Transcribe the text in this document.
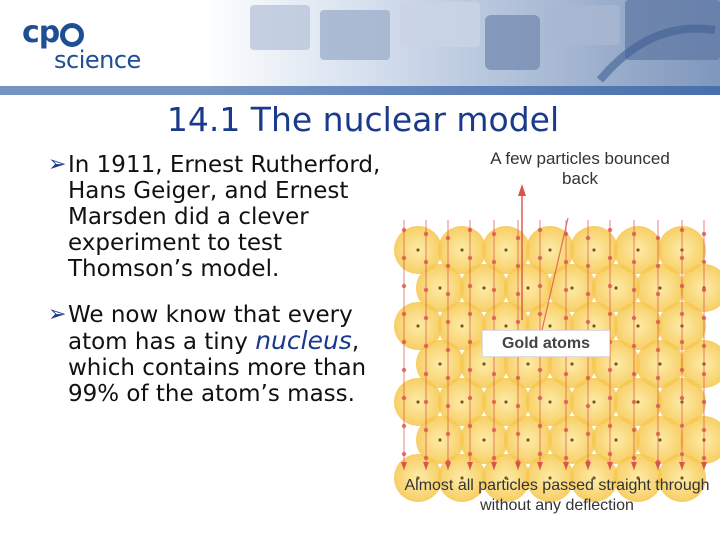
cp
science
14.1 The nuclear model
➢ In 1911, Ernest Rutherford, Hans Geiger, and Ernest Marsden did a clever experiment to test Thomson’s model.
➢ We now know that every atom has a tiny nucleus, which contains more than 99% of the atom’s mass.
A few particles bounced back
Gold atoms
Almost all particles passed straight through without any deflection
